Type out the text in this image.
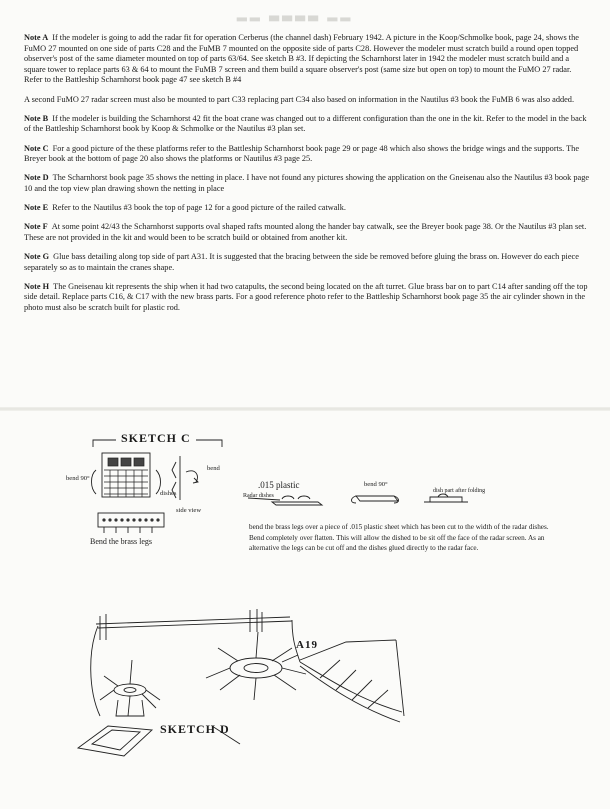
▂▂ ▃▃▃▃ ▂▂

Note A If the modeler is going to add the radar fit for operation Cerberus (the channel dash) February 1942. A picture in the Koop/Schmolke book, page 24, shows the FuMO 27 mounted on one side of parts C28 and the FuMB 7 mounted on the opposite side of parts C28. However the modeler must scratch build a round open topped observer's post of the same diameter mounted on top of parts 63/64. See sketch B #3. If depicting the Scharnhorst later in 1942 the modeler must scratch build and a square tower to replace parts 63 & 64 to mount the FuMB 7 screen and them build a square observer's post (same size but open on top) to mount the FuMO 27 radar. Refer to the Battleship Scharnhorst book page 47 see sketch B #4

A second FuMO 27 radar screen must also be mounted to part C33 replacing part C34 also based on information in the Nautilus #3 book the FuMB 6 was also added.

Note B If the modeler is building the Scharnhorst 42 fit the boat crane was changed out to a different configuration than the one in the kit. Refer to the model in the back of the Battleship Scharnhorst book by Koop & Schmolke or the Nautilus #3 plan set.

Note C For a good picture of the these platforms refer to the Battleship Scharnhorst book page 29 or page 48 which also shows the bridge wings and the supports. The Breyer book at the bottom of page 20 also shows the platforms or Nautilus #3 page 25.

Note D The Scharnhorst book page 35 shows the netting in place. I have not found any pictures showing the application on the Gneisenau also the Nautilus #3 book page 10 and the top view plan drawing shown the netting in place

Note E Refer to the Nautilus #3 book the top of page 12 for a good picture of the railed catwalk.

Note F At some point 42/43 the Scharnhorst supports oval shaped rafts mounted along the hander bay catwalk, see the Breyer book page 38. Or the Nautilus #3 plan set. These are not provided in the kit and would been to be scratch build or obtained from another kit.

Note G Glue bass detailing along top side of part A31. It is suggested that the bracing between the side be removed before gluing the brass on. However do each piece separately so as to maintain the cranes shape.

Note H The Gneisenau kit represents the ship when it had two catapults, the second being located on the aft turret. Glue brass bar on to part C14 after sanding off the top side detail. Replace parts C16, & C17 with the new brass parts. For a good reference photo refer to the Battleship Scharnhorst book page 35 the air cylinder shown in the photo must also be scratch built for plastic rod.

SKETCH C
bend 90°
dishes
side view
bend
.015 plastic
Radar dishes
bend 90°
dish part after folding
Bend the brass legs
bend the brass legs over a piece of .015 plastic sheet which has been cut to the width of the radar dishes. Bend completely over flatten. This will allow the dished to be sit off the face of the radar screen. As an alternative the legs can be cut off and the dishes glued directly to the radar face.
SKETCH D
A19
